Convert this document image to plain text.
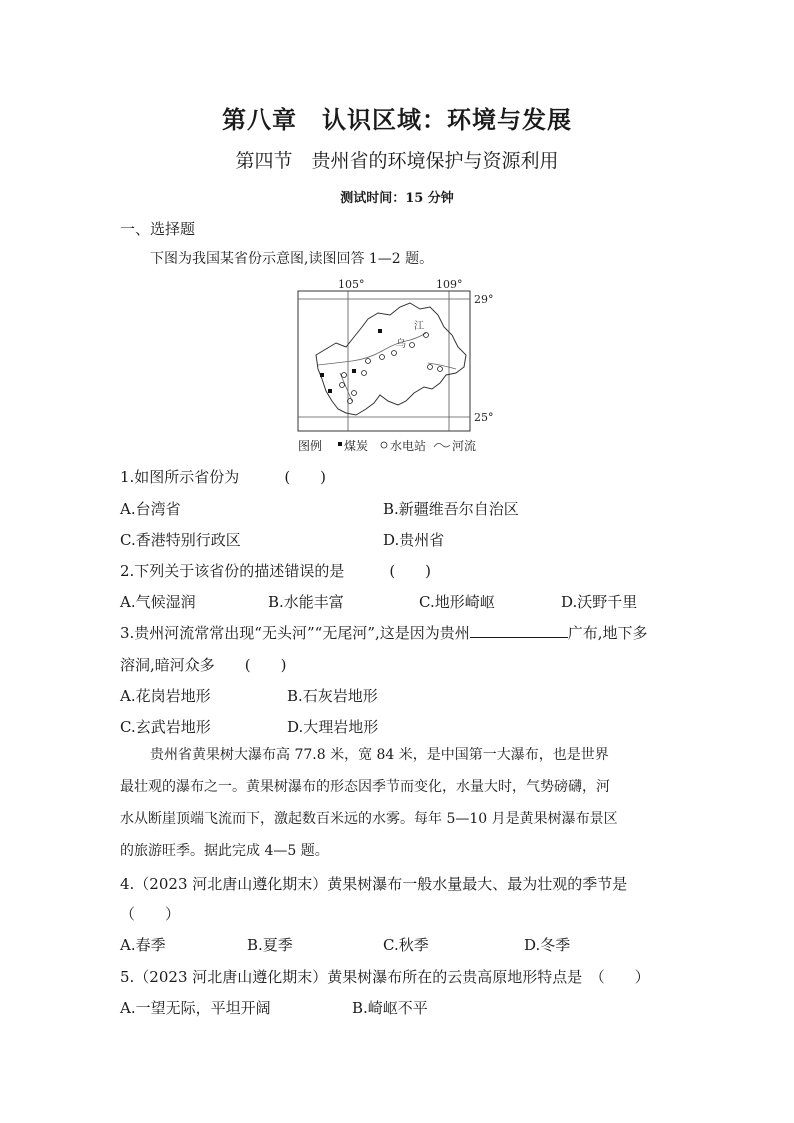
第八章　认识区域：环境与发展
第四节　贵州省的环境保护与资源利用
测试时间：15 分钟
一、选择题
下图为我国某省份示意图,读图回答 1—2 题。
105°	109°
29°
25°
江
乌
图例 煤炭 水电站 河流
1.如图所示省份为　　　(　　)
A.台湾省	B.新疆维吾尔自治区
C.香港特别行政区	D.贵州省
2.下列关于该省份的描述错误的是　　　(　　)
A.气候湿润	B.水能丰富	C.地形崎岖	D.沃野千里
3.贵州河流常常出现“无头河”“无尾河”,这是因为贵州	广布,地下多
溶洞,暗河众多　　(　　)
A.花岗岩地形	B.石灰岩地形
C.玄武岩地形	D.大理岩地形
贵州省黄果树大瀑布高 77.8 米，宽 84 米，是中国第一大瀑布，也是世界
最壮观的瀑布之一。黄果树瀑布的形态因季节而变化，水量大时，气势磅礴，河
水从断崖顶端飞流而下，激起数百米远的水雾。每年 5—10 月是黄果树瀑布景区
的旅游旺季。据此完成 4—5 题。
4.（2023 河北唐山遵化期末）黄果树瀑布一般水量最大、最为壮观的季节是
（　　）
A.春季	B.夏季	C.秋季	D.冬季
5.（2023 河北唐山遵化期末）黄果树瀑布所在的云贵高原地形特点是　（　　）
A.一望无际，平坦开阔	B.崎岖不平
